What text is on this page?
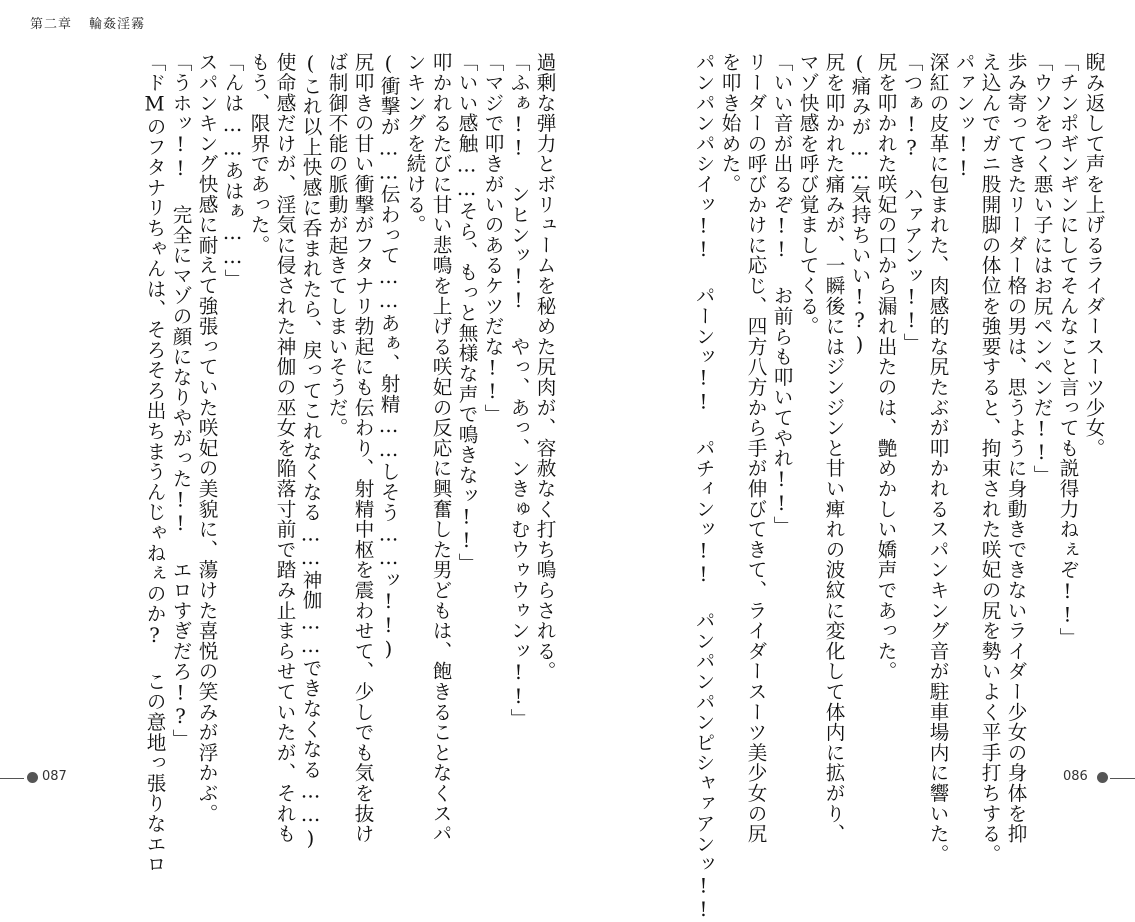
第二章 輪姦淫霧
睨み返して声を上げるライダースーツ少女。
「チンポギンギンにしてそんなこと言っても説得力ねぇぞ!!」
「ウソをつく悪い子にはお尻ペンペンだ!!」
歩み寄ってきたリーダー格の男は、思うように身動きできないライダー少女の身体を抑
え込んでガニ股開脚の体位を強要すると、拘束された咲妃の尻を勢いよく平手打ちする。
パァンッ!!
深紅の皮革に包まれた、肉感的な尻たぶが叩かれるスパンキング音が駐車場内に響いた。
「つぁ!? ハァアンッ!!」
尻を叩かれた咲妃の口から漏れ出たのは、艶めかしい嬌声であった。
(痛みが……気持ちいい!?)
尻を叩かれた痛みが、一瞬後にはジンジンと甘い痺れの波紋に変化して体内に拡がり、
マゾ快感を呼び覚ましてくる。
「いい音が出るぞ!! お前らも叩いてやれ!!」
リーダーの呼びかけに応じ、四方八方から手が伸びてきて、ライダースーツ美少女の尻
を叩き始めた。
パンパンパシイッ!! パーンッ!! パチィンッ!! パンパンパンピシャァアンッ!!
過剰な弾力とボリュームを秘めた尻肉が、容赦なく打ち鳴らされる。
「ふぁ!! ンヒンッ!! やっ、あっ、ンきゅむウゥウゥンッ!!」
「マジで叩きがいのあるケツだな!!」
「いい感触……そら、もっと無様な声で鳴きなッ!!」
叩かれるたびに甘い悲鳴を上げる咲妃の反応に興奮した男どもは、飽きることなくスパ
ンキングを続ける。
(衝撃が……伝わって……あぁ、射精……しそう……ッ!!)
尻叩きの甘い衝撃がフタナリ勃起にも伝わり、射精中枢を震わせて、少しでも気を抜け
ば制御不能の脈動が起きてしまいそうだ。
(これ以上快感に呑まれたら、戻ってこれなくなる……神伽……できなくなる……)
使命感だけが、淫気に侵された神伽の巫女を陥落寸前で踏み止まらせていたが、それも
もう、限界であった。
「んは……あはぁ……」
スパンキング快感に耐えて強張っていた咲妃の美貌に、蕩けた喜悦の笑みが浮かぶ。
「うホッ!! 完全にマゾの顔になりやがった!! エロすぎだろ!?」
「ドMのフタナリちゃんは、そろそろ出ちまうんじゃねぇのか? この意地っ張りなエロ
087	086
